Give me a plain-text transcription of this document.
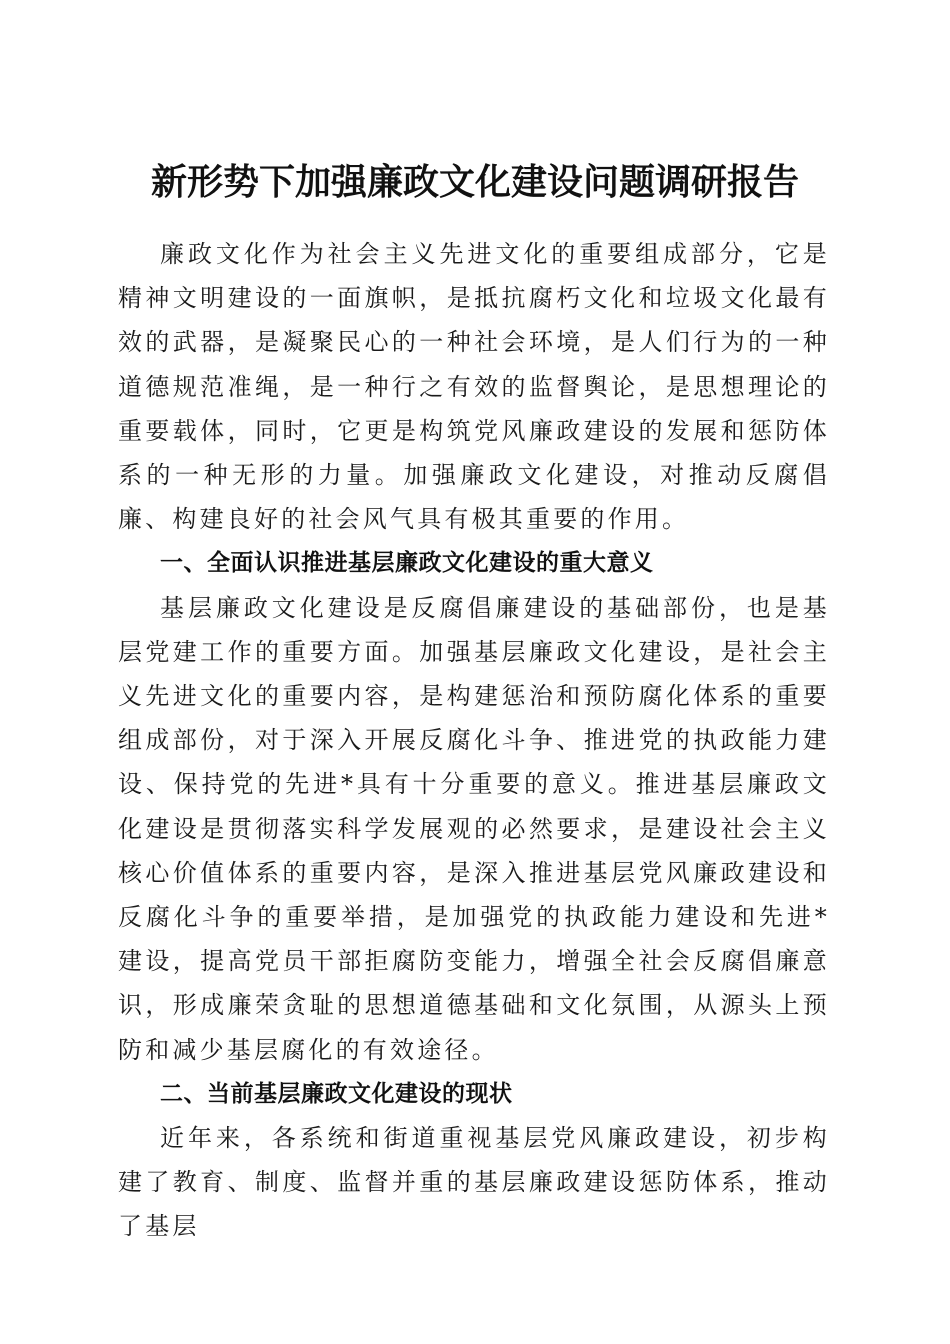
新形势下加强廉政文化建设问题调研报告

廉政文化作为社会主义先进文化的重要组成部分，它是精神文明建设的一面旗帜，是抵抗腐朽文化和垃圾文化最有效的武器，是凝聚民心的一种社会环境，是人们行为的一种道德规范准绳，是一种行之有效的监督舆论，是思想理论的重要载体，同时，它更是构筑党风廉政建设的发展和惩防体系的一种无形的力量。加强廉政文化建设，对推动反腐倡廉、构建良好的社会风气具有极其重要的作用。

一、全面认识推进基层廉政文化建设的重大意义

基层廉政文化建设是反腐倡廉建设的基础部份，也是基层党建工作的重要方面。加强基层廉政文化建设，是社会主义先进文化的重要内容，是构建惩治和预防腐化体系的重要组成部份，对于深入开展反腐化斗争、推进党的执政能力建设、保持党的先进*具有十分重要的意义。推进基层廉政文化建设是贯彻落实科学发展观的必然要求，是建设社会主义核心价值体系的重要内容，是深入推进基层党风廉政建设和反腐化斗争的重要举措，是加强党的执政能力建设和先进*建设，提高党员干部拒腐防变能力，增强全社会反腐倡廉意识，形成廉荣贪耻的思想道德基础和文化氛围，从源头上预防和减少基层腐化的有效途径。

二、当前基层廉政文化建设的现状

近年来，各系统和街道重视基层党风廉政建设，初步构建了教育、制度、监督并重的基层廉政建设惩防体系，推动了基层
